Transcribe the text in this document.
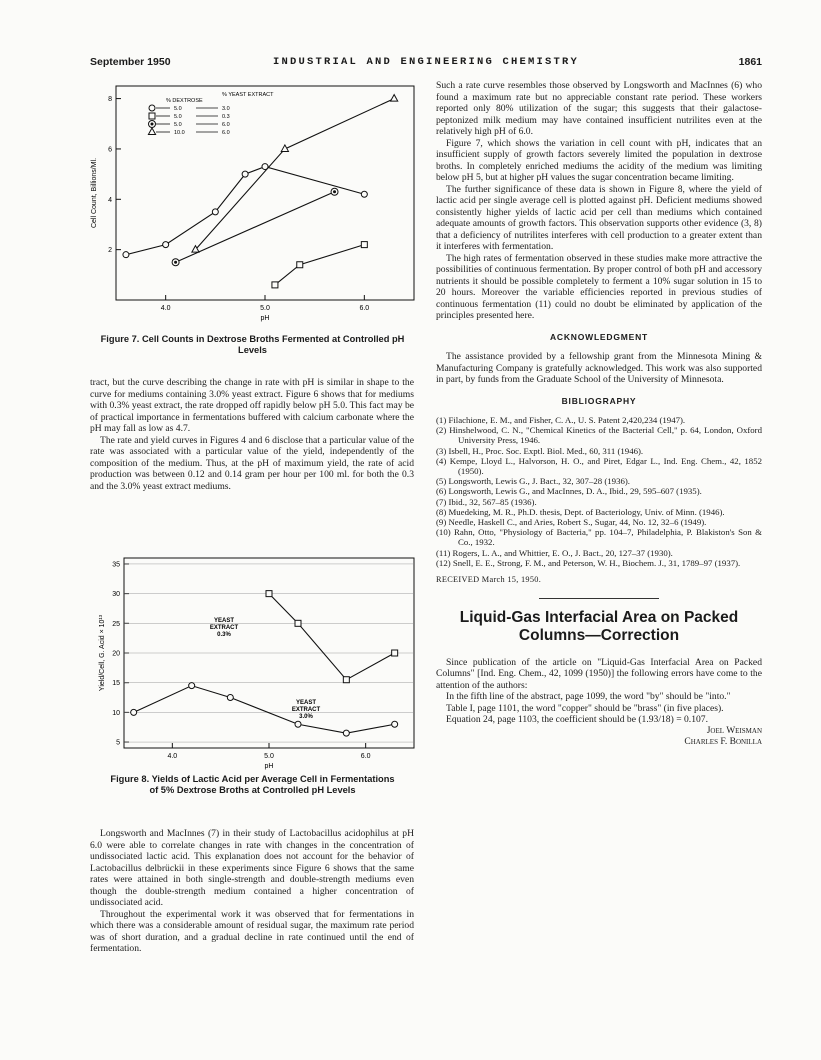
September 1950	INDUSTRIAL AND ENGINEERING CHEMISTRY	1861
4.0	5.0	6.0
2
4
6
8
pH
Cell Count, Billions/Ml.
% DEXTROSE
% YEAST EXTRACT
5.0	3.0
5.0	0.3
5.0	6.0
10.0	6.0
Figure 7. Cell Counts in Dextrose Broths Fermented at Controlled pH Levels

tract, but the curve describing the change in rate with pH is similar in shape to the curve for mediums containing 3.0% yeast extract. Figure 6 shows that for mediums with 0.3% yeast extract, the rate dropped off rapidly below pH 5.0. This fact may be of practical importance in fermentations buffered with calcium carbonate where the pH may fall as low as 4.7.

The rate and yield curves in Figures 4 and 6 disclose that a particular value of the rate was associated with a particular value of the yield, independently of the composition of the medium. Thus, at the pH of maximum yield, the rate of acid production was between 0.12 and 0.14 gram per hour per 100 ml. for both the 0.3 and the 3.0% yeast extract mediums.

4.0	5.0	6.0
5
10
15
20
25
30
35
pH
Yield/Cell, G. Acid × 10¹³	YEAST
EXTRACT
0.3%
YEAST
EXTRACT
3.0%
Figure 8. Yields of Lactic Acid per Average Cell in Fermentations of 5% Dextrose Broths at Controlled pH Levels

Longsworth and MacInnes (7) in their study of Lactobacillus acidophilus at pH 6.0 were able to correlate changes in rate with changes in the concentration of undissociated lactic acid. This explanation does not account for the behavior of Lactobacillus delbrückii in these experiments since Figure 6 shows that the same rates were attained in both single-strength and double-strength mediums even though the double-strength medium contained a higher concentration of undissociated acid.

Throughout the experimental work it was observed that for fermentations in which there was a considerable amount of residual sugar, the maximum rate period was of short duration, and a gradual decline in rate continued until the end of fermentation.

Such a rate curve resembles those observed by Longsworth and MacInnes (6) who found a maximum rate but no appreciable constant rate period. These workers reported only 80% utilization of the sugar; this suggests that their galactose-peptonized milk medium may have contained insufficient nutrilites even at the relatively high pH of 6.0.

Figure 7, which shows the variation in cell count with pH, indicates that an insufficient supply of growth factors severely limited the population in dextrose broths. In completely enriched mediums the acidity of the medium was limiting below pH 5, but at higher pH values the sugar concentration became limiting.

The further significance of these data is shown in Figure 8, where the yield of lactic acid per single average cell is plotted against pH. Deficient mediums showed consistently higher yields of lactic acid per cell than mediums which contained adequate amounts of growth factors. This observation supports other evidence (3, 8) that a deficiency of nutrilites interferes with cell production to a greater extent than it interferes with fermentation.

The high rates of fermentation observed in these studies make more attractive the possibilities of continuous fermentation. By proper control of both pH and accessory nutrients it should be possible completely to ferment a 10% sugar solution in 15 to 20 hours. Moreover the variable efficiencies reported in previous studies of continuous fermentation (11) could no doubt be eliminated by application of the principles presented here.

ACKNOWLEDGMENT

The assistance provided by a fellowship grant from the Minnesota Mining & Manufacturing Company is gratefully acknowledged. This work was also supported in part, by funds from the Graduate School of the University of Minnesota.

BIBLIOGRAPHY
(1) Filachione, E. M., and Fisher, C. A., U. S. Patent 2,420,234 (1947).
(2) Hinshelwood, C. N., "Chemical Kinetics of the Bacterial Cell," p. 64, London, Oxford University Press, 1946.
(3) Isbell, H., Proc. Soc. Exptl. Biol. Med., 60, 311 (1946).
(4) Kempe, Lloyd L., Halvorson, H. O., and Piret, Edgar L., Ind. Eng. Chem., 42, 1852 (1950).
(5) Longsworth, Lewis G., J. Bact., 32, 307–28 (1936).
(6) Longsworth, Lewis G., and MacInnes, D. A., Ibid., 29, 595–607 (1935).
(7) Ibid., 32, 567–85 (1936).
(8) Muedeking, M. R., Ph.D. thesis, Dept. of Bacteriology, Univ. of Minn. (1946).
(9) Needle, Haskell C., and Aries, Robert S., Sugar, 44, No. 12, 32–6 (1949).
(10) Rahn, Otto, "Physiology of Bacteria," pp. 104–7, Philadelphia, P. Blakiston's Son & Co., 1932.
(11) Rogers, L. A., and Whittier, E. O., J. Bact., 20, 127–37 (1930).
(12) Snell, E. E., Strong, F. M., and Peterson, W. H., Biochem. J., 31, 1789–97 (1937).
RECEIVED March 15, 1950.
Liquid-Gas Interfacial Area on Packed Columns—Correction

Since publication of the article on "Liquid-Gas Interfacial Area on Packed Columns" [Ind. Eng. Chem., 42, 1099 (1950)] the following errors have come to the attention of the authors:

In the fifth line of the abstract, page 1099, the word "by" should be "into."

Table I, page 1101, the word "copper" should be "brass" (in five places).

Equation 24, page 1103, the coefficient should be (1.93/18) = 0.107.

Joel Weisman
Charles F. Bonilla
